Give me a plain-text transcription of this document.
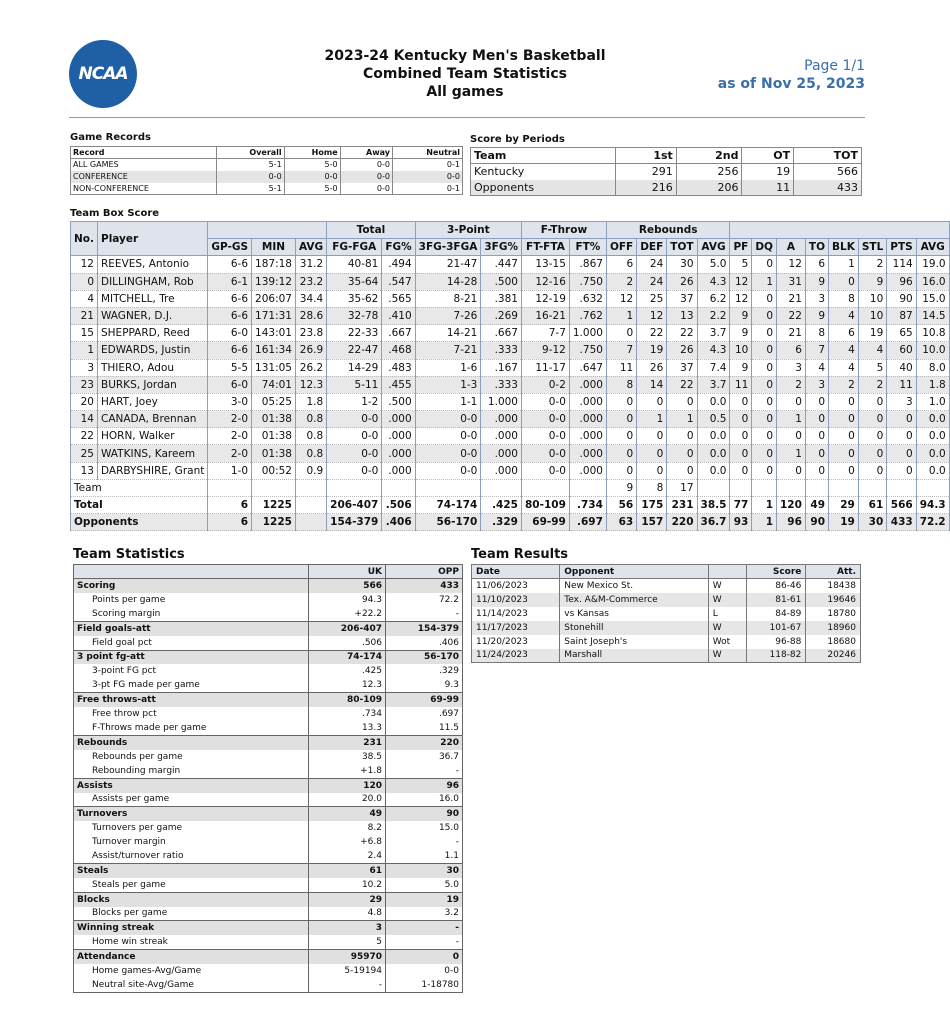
NCAA
2023-24 Kentucky Men's Basketball
Combined Team Statistics
All games
Page 1/1
as of Nov 25, 2023
Game Records
Record	Overall	Home	Away	Neutral
ALL GAMES	5-1	5-0	0-0	0-1
CONFERENCE	0-0	0-0	0-0	0-0
NON-CONFERENCE	5-1	5-0	0-0	0-1
Score by Periods
Team	1st	2nd	OT	TOT
Kentucky	291	256	19	566
Opponents	216	206	11	433
Team Box Score
No.	Player				Total		3-Point		F-Throw		Rebounds											
		GP-GS	MIN	AVG	FG-FGA	FG%	3FG-3FGA	3FG%	FT-FTA	FT%	OFF	DEF	TOT	AVG	PF	DQ	A	TO	BLK	STL	PTS	AVG
12	REEVES, Antonio	6-6	187:18	31.2	40-81	.494	21-47	.447	13-15	.867	6	24	30	5.0	5	0	12	6	1	2	114	19.0
0	DILLINGHAM, Rob	6-1	139:12	23.2	35-64	.547	14-28	.500	12-16	.750	2	24	26	4.3	12	1	31	9	0	9	96	16.0
4	MITCHELL, Tre	6-6	206:07	34.4	35-62	.565	8-21	.381	12-19	.632	12	25	37	6.2	12	0	21	3	8	10	90	15.0
21	WAGNER, D.J.	6-6	171:31	28.6	32-78	.410	7-26	.269	16-21	.762	1	12	13	2.2	9	0	22	9	4	10	87	14.5
15	SHEPPARD, Reed	6-0	143:01	23.8	22-33	.667	14-21	.667	7-7	1.000	0	22	22	3.7	9	0	21	8	6	19	65	10.8
1	EDWARDS, Justin	6-6	161:34	26.9	22-47	.468	7-21	.333	9-12	.750	7	19	26	4.3	10	0	6	7	4	4	60	10.0
3	THIERO, Adou	5-5	131:05	26.2	14-29	.483	1-6	.167	11-17	.647	11	26	37	7.4	9	0	3	4	4	5	40	8.0
23	BURKS, Jordan	6-0	74:01	12.3	5-11	.455	1-3	.333	0-2	.000	8	14	22	3.7	11	0	2	3	2	2	11	1.8
20	HART, Joey	3-0	05:25	1.8	1-2	.500	1-1	1.000	0-0	.000	0	0	0	0.0	0	0	0	0	0	0	3	1.0
14	CANADA, Brennan	2-0	01:38	0.8	0-0	.000	0-0	.000	0-0	.000	0	1	1	0.5	0	0	1	0	0	0	0	0.0
22	HORN, Walker	2-0	01:38	0.8	0-0	.000	0-0	.000	0-0	.000	0	0	0	0.0	0	0	0	0	0	0	0	0.0
25	WATKINS, Kareem	2-0	01:38	0.8	0-0	.000	0-0	.000	0-0	.000	0	0	0	0.0	0	0	1	0	0	0	0	0.0
13	DARBYSHIRE, Grant	1-0	00:52	0.9	0-0	.000	0-0	.000	0-0	.000	0	0	0	0.0	0	0	0	0	0	0	0	0.0
Team											9	8	17									
Total		6	1225		206-407	.506	74-174	.425	80-109	.734	56	175	231	38.5	77	1	120	49	29	61	566	94.3
Opponents		6	1225		154-379	.406	56-170	.329	69-99	.697	63	157	220	36.7	93	1	96	90	19	30	433	72.2
Team Statistics
	UK	OPP
Scoring	566	433
Points per game	94.3	72.2
Scoring margin	+22.2	-
Field goals-att	206-407	154-379
Field goal pct	.506	.406
3 point fg-att	74-174	56-170
3-point FG pct	.425	.329
3-pt FG made per game	12.3	9.3
Free throws-att	80-109	69-99
Free throw pct	.734	.697
F-Throws made per game	13.3	11.5
Rebounds	231	220
Rebounds per game	38.5	36.7
Rebounding margin	+1.8	-
Assists	120	96
Assists per game	20.0	16.0
Turnovers	49	90
Turnovers per game	8.2	15.0
Turnover margin	+6.8	-
Assist/turnover ratio	2.4	1.1
Steals	61	30
Steals per game	10.2	5.0
Blocks	29	19
Blocks per game	4.8	3.2
Winning streak	3	-
Home win streak	5	-
Attendance	95970	0
Home games-Avg/Game	5-19194	0-0
Neutral site-Avg/Game	-	1-18780
Team Results
Date	Opponent		Score	Att.
11/06/2023	New Mexico St.	W	86-46	18438
11/10/2023	Tex. A&M-Commerce	W	81-61	19646
11/14/2023	vs Kansas	L	84-89	18780
11/17/2023	Stonehill	W	101-67	18960
11/20/2023	Saint Joseph's	Wot	96-88	18680
11/24/2023	Marshall	W	118-82	20246
